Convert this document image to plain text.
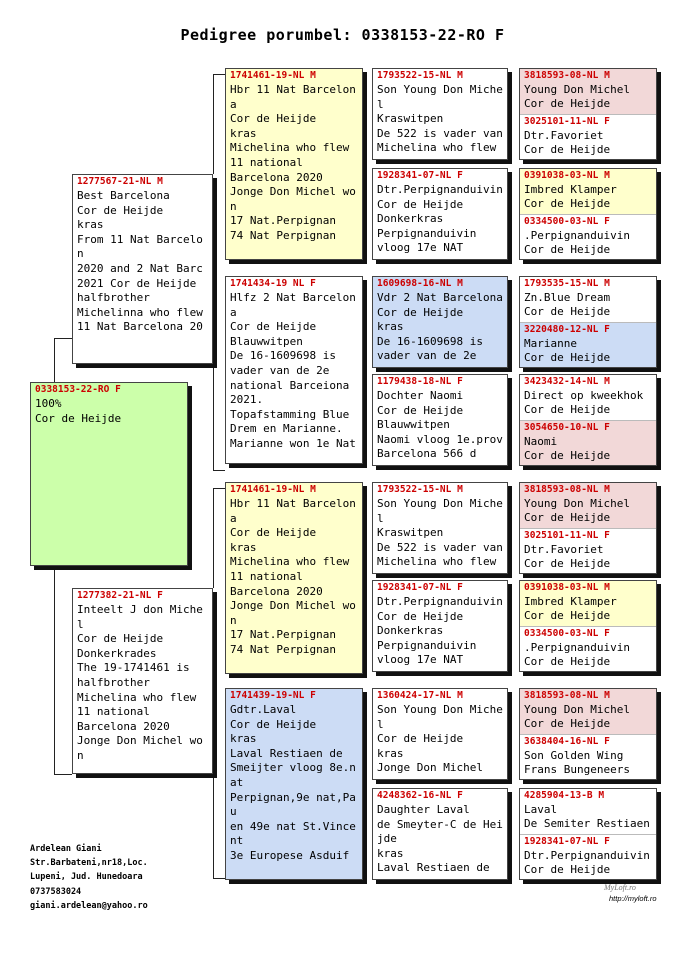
Pedigree porumbel: 0338153-22-RO F
0338153-22-RO F
100%
Cor de Heijde
1277567-21-NL M
Best Barcelona
Cor de Heijde
kras
From 11 Nat Barcelon
2020 and 2 Nat Barc
2021 Cor de Heijde
halfbrother
Michelinna who flew
11 Nat Barcelona 20
1277382-21-NL F
Inteelt J don Michel
Cor de Heijde
Donkerkrades
The 19-1741461 is
halfbrother
Michelina who flew
11 national
Barcelona 2020
Jonge Don Michel won
1741461-19-NL M
Hbr 11 Nat Barcelona
Cor de Heijde
kras
Michelina who flew
11 national
Barcelona 2020
Jonge Don Michel won
17 Nat.Perpignan
74 Nat Perpignan
1741434-19 NL F
Hlfz 2 Nat Barcelona
Cor de Heijde
Blauwwitpen
De 16-1609698 is
vader van de 2e
national Barceiona
2021.
Topafstamming Blue
Drem en Marianne.
Marianne won 1e Nat
1741461-19-NL M
Hbr 11 Nat Barcelona
Cor de Heijde
kras
Michelina who flew
11 national
Barcelona 2020
Jonge Don Michel won
17 Nat.Perpignan
74 Nat Perpignan
1741439-19-NL F
Gdtr.Laval
Cor de Heijde
kras
Laval Restiaen de
Smeijter vloog 8e.nat
Perpignan,9e nat,Pau
en 49e nat St.Vincent
3e Europese Asduif
1793522-15-NL M
Son Young Don Michel
Kraswitpen
De 522 is vader van
Michelina who flew
1928341-07-NL F
Dtr.Perpignanduivin
Cor de Heijde
Donkerkras
Perpignanduivin
vloog 17e NAT
1609698-16-NL M
Vdr 2 Nat Barcelona
Cor de Heijde
kras
De 16-1609698 is
vader van de 2e
1179438-18-NL F
Dochter Naomi
Cor de Heijde
Blauwwitpen
Naomi vloog 1e.prov
Barcelona 566 d
1793522-15-NL M
Son Young Don Michel
Kraswitpen
De 522 is vader van
Michelina who flew
1928341-07-NL F
Dtr.Perpignanduivin
Cor de Heijde
Donkerkras
Perpignanduivin
vloog 17e NAT
1360424-17-NL M
Son Young Don Michel
Cor de Heijde
kras
Jonge Don Michel
4248362-16-NL F
Daughter Laval
de Smeyter-C de Heijde
kras
Laval Restiaen de
3818593-08-NL M
Young Don Michel
Cor de Heijde
3025101-11-NL F
Dtr.Favoriet
Cor de Heijde
0391038-03-NL M
Imbred Klamper
Cor de Heijde
0334500-03-NL F
.Perpignanduivin
Cor de Heijde
1793535-15-NL M
Zn.Blue Dream
Cor de Heijde
3220480-12-NL F
Marianne
Cor de Heijde
3423432-14-NL M
Direct op kweekhok
Cor de Heijde
3054650-10-NL F
Naomi
Cor de Heijde
3818593-08-NL M
Young Don Michel
Cor de Heijde
3025101-11-NL F
Dtr.Favoriet
Cor de Heijde
0391038-03-NL M
Imbred Klamper
Cor de Heijde
0334500-03-NL F
.Perpignanduivin
Cor de Heijde
3818593-08-NL M
Young Don Michel
Cor de Heijde
3638404-16-NL F
Son Golden Wing
Frans Bungeneers
4285904-13-B M
Laval
De Semiter Restiaen
1928341-07-NL F
Dtr.Perpignanduivin
Cor de Heijde
Ardelean Giani
Str.Barbateni,nr18,Loc.
Lupeni, Jud. Hunedoara
0737583024
giani.ardelean@yahoo.ro
MyLoft.ro
http://myloft.ro
